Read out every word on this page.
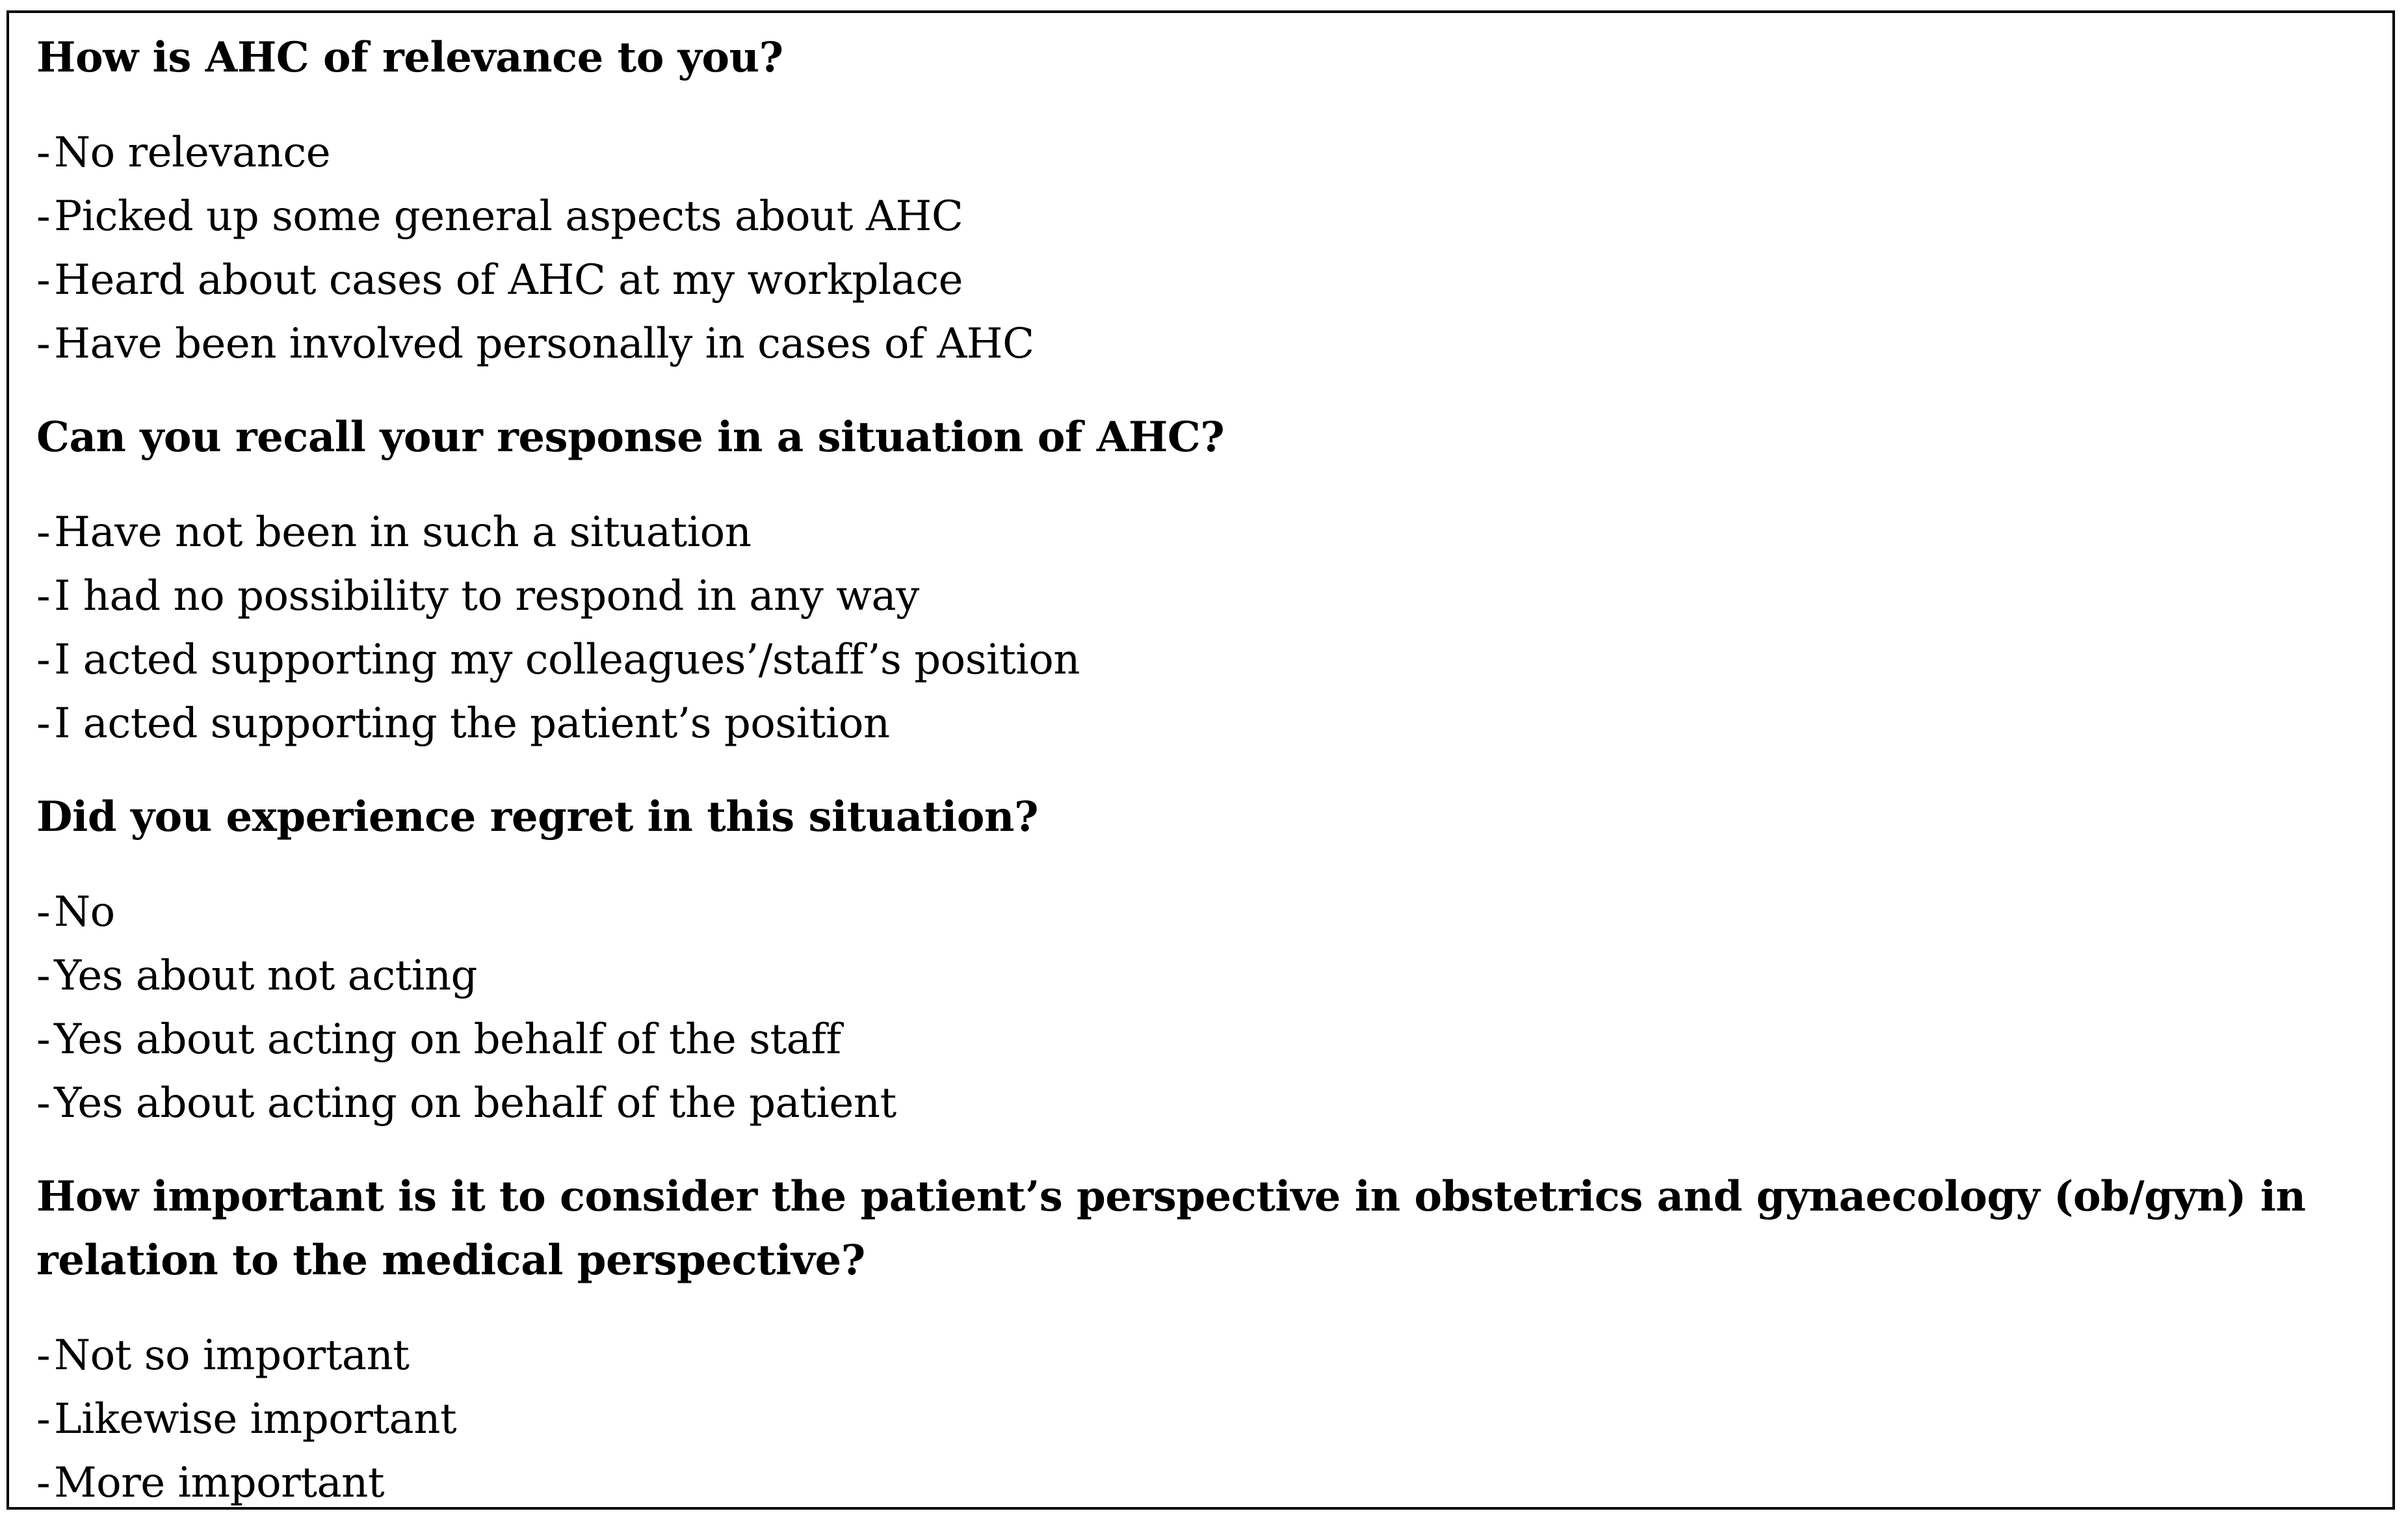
How is AHC of relevance to you?

-No relevance
-Picked up some general aspects about AHC
-Heard about cases of AHC at my workplace
-Have been involved personally in cases of AHC

Can you recall your response in a situation of AHC?

-Have not been in such a situation
-I had no possibility to respond in any way
-I acted supporting my colleagues’/staff’s position
-I acted supporting the patient’s position

Did you experience regret in this situation?

-No
-Yes about not acting
-Yes about acting on behalf of the staff
-Yes about acting on behalf of the patient

How important is it to consider the patient’s perspective in obstetrics and gynaecology (ob/gyn) in relation to the medical perspective?

-Not so important
-Likewise important
-More important
